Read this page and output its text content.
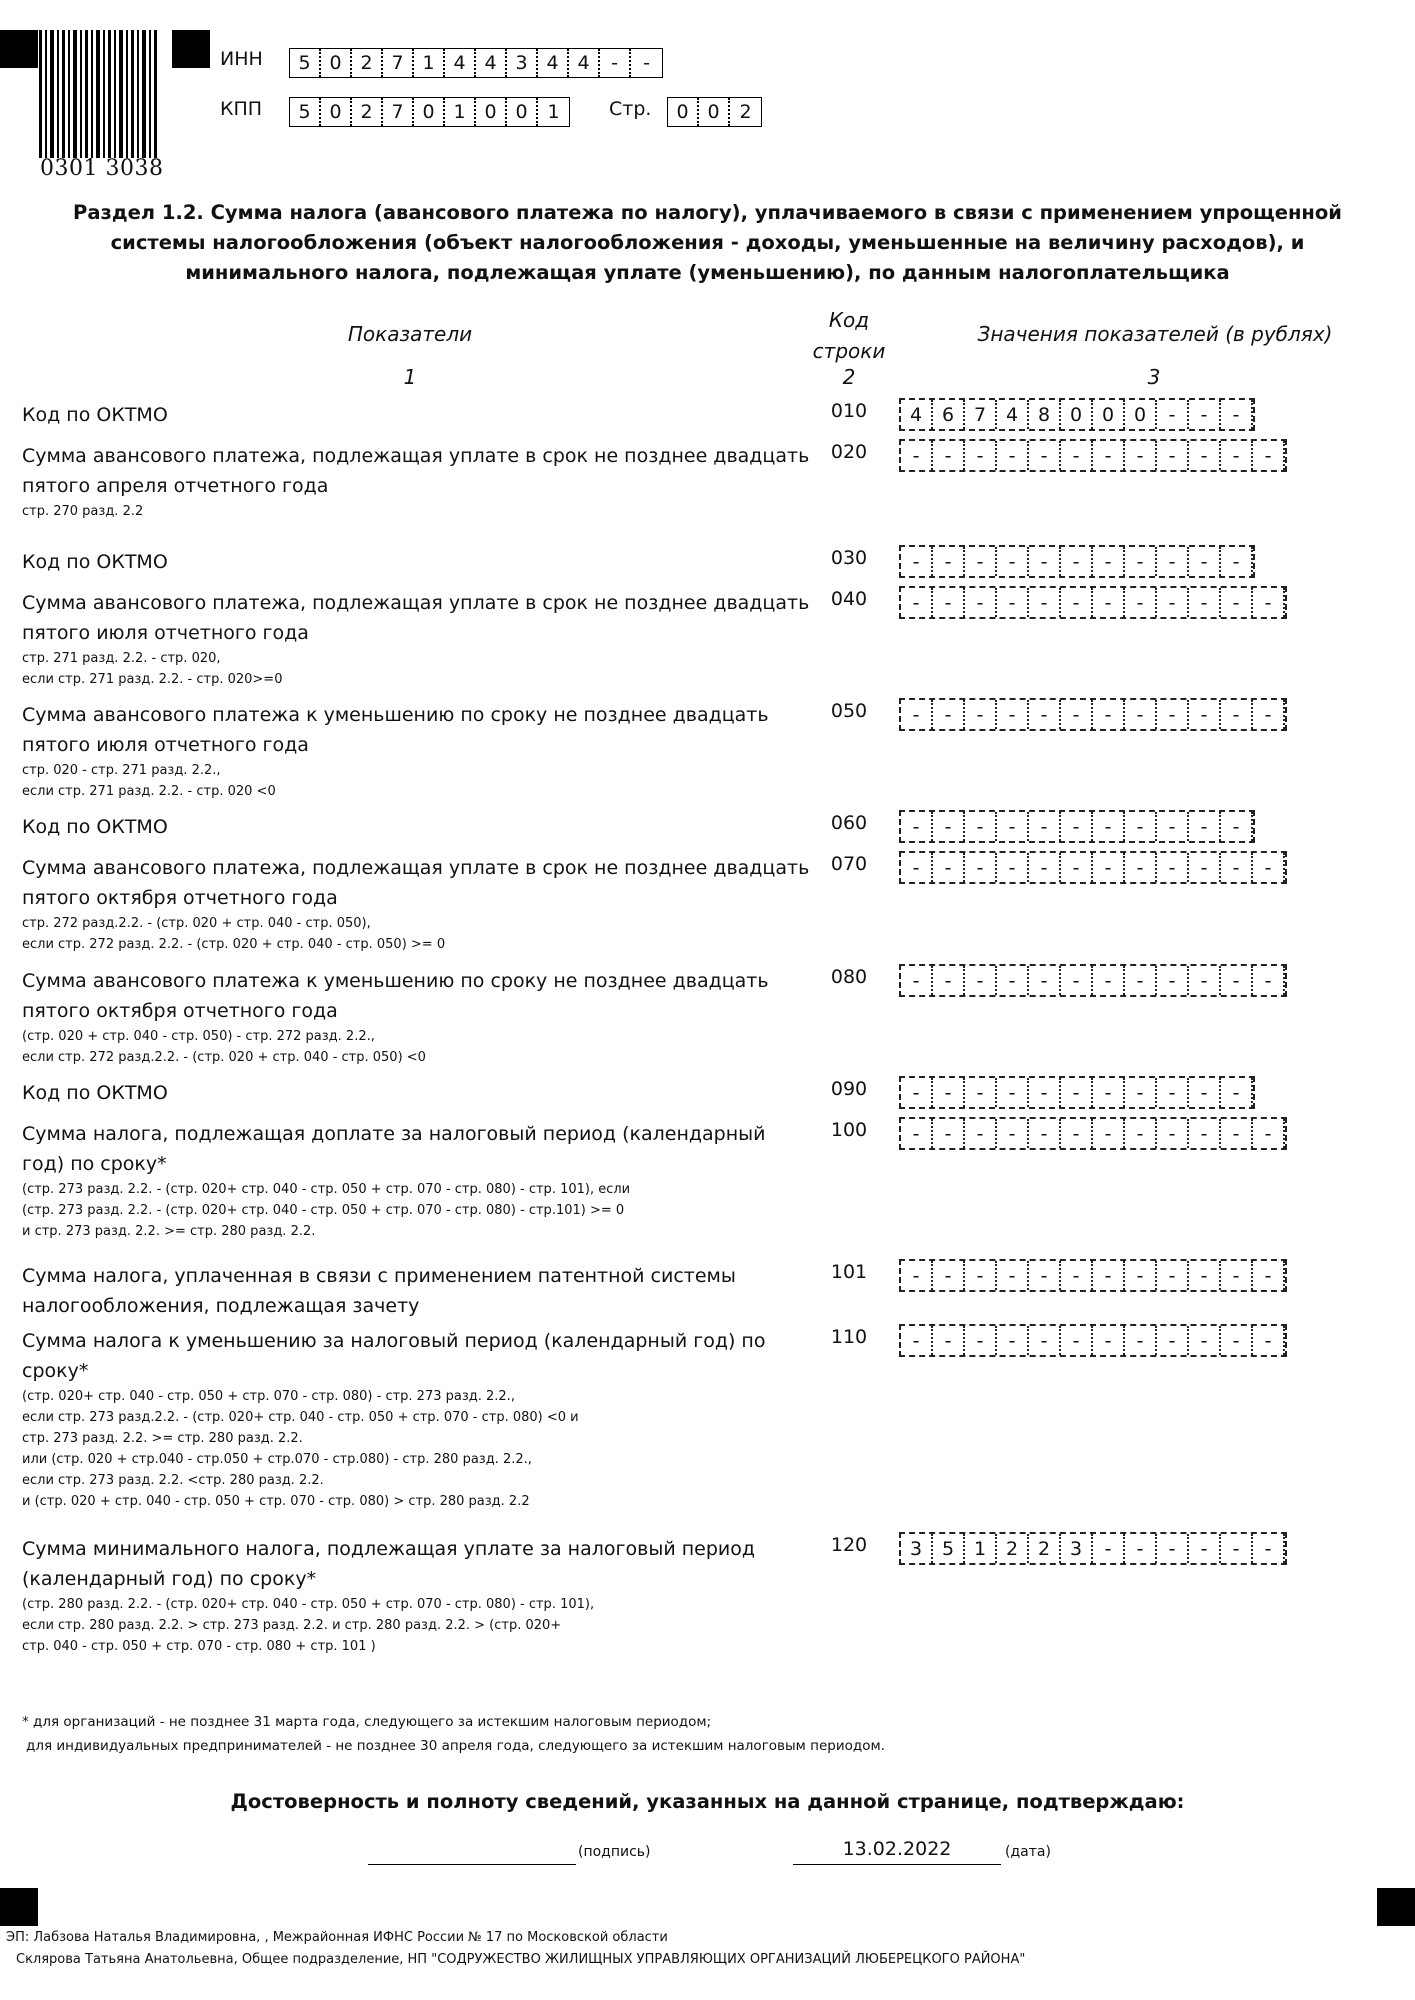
0301 3038
ИНН	5 0 2 7 1 4 4 3 4 4	-	-
КПП	5 0 2 7 0 1 0 0	1	Стр.	0 0	2
Раздел 1.2. Сумма налога (авансового платежа по налогу), уплачиваемого в связи с применением упрощенной
системы налогообложения (объект налогообложения - доходы, уменьшенные на величину расходов), и
минимального налога, подлежащая уплате (уменьшению), по данным налогоплательщика
Показатели
Код
строки
Значения показателей (в рублях)
1	2	3
Код по ОКТМО	010	4	6	7	4	8	0	0	0	-	-	-
Сумма авансового платежа, подлежащая уплате в срок не позднее двадцать пятого апреля отчетного года
стр. 270 разд. 2.2
020	-	-	-	-	-	-	-	-	-	-	-	-
Код по ОКТМО	030	-	-	-	-	-	-	-	-	-	-	-
Сумма авансового платежа, подлежащая уплате в срок не позднее двадцать пятого июля отчетного года
стр. 271 разд. 2.2. - стр. 020,
если стр. 271 разд. 2.2. - стр. 020>=0
040	-	-	-	-	-	-	-	-	-	-	-	-
Сумма авансового платежа к уменьшению по сроку не позднее двадцать пятого июля отчетного года
стр. 020 - стр. 271 разд. 2.2.,
если стр. 271 разд. 2.2. - стр. 020 <0
050	-	-	-	-	-	-	-	-	-	-	-	-
Код по ОКТМО	060	-	-	-	-	-	-	-	-	-	-	-
Сумма авансового платежа, подлежащая уплате в срок не позднее двадцать пятого октября отчетного года
стр. 272 разд.2.2. - (стр. 020 + стр. 040 - стр. 050),
если стр. 272 разд. 2.2. - (стр. 020 + стр. 040 - стр. 050) >= 0
070	-	-	-	-	-	-	-	-	-	-	-	-
Сумма авансового платежа к уменьшению по сроку не позднее двадцать пятого октября отчетного года
(стр. 020 + стр. 040 - стр. 050) - стр. 272 разд. 2.2.,
если стр. 272 разд.2.2. - (стр. 020 + стр. 040 - стр. 050) <0
080	-	-	-	-	-	-	-	-	-	-	-	-
Код по ОКТМО	090	-	-	-	-	-	-	-	-	-	-	-
Сумма налога, подлежащая доплате за налоговый период (календарный год) по сроку*
(стр. 273 разд. 2.2. - (стр. 020+ стр. 040 - стр. 050 + стр. 070 - стр. 080) - стр. 101), если
(стр. 273 разд. 2.2. - (стр. 020+ стр. 040 - стр. 050 + стр. 070 - стр. 080) - стр.101) >= 0
и стр. 273 разд. 2.2. >= стр. 280 разд. 2.2.
100	-	-	-	-	-	-	-	-	-	-	-	-
Сумма налога, уплаченная в связи с применением патентной системы налогообложения, подлежащая зачету
101	-	-	-	-	-	-	-	-	-	-	-	-
Сумма налога к уменьшению за налоговый период (календарный год) по сроку*
(стр. 020+ стр. 040 - стр. 050 + стр. 070 - стр. 080) - стр. 273 разд. 2.2.,
если стр. 273 разд.2.2. - (стр. 020+ стр. 040 - стр. 050 + стр. 070 - стр. 080) <0 и
стр. 273 разд. 2.2. >= стр. 280 разд. 2.2.
или (стр. 020 + стр.040 - стр.050 + стр.070 - стр.080) - стр. 280 разд. 2.2.,
если стр. 273 разд. 2.2. <стр. 280 разд. 2.2.
и (стр. 020 + стр. 040 - стр. 050 + стр. 070 - стр. 080) > стр. 280 разд. 2.2
110	-	-	-	-	-	-	-	-	-	-	-	-
Сумма минимального налога, подлежащая уплате за налоговый период (календарный год) по сроку*
(стр. 280 разд. 2.2. - (стр. 020+ стр. 040 - стр. 050 + стр. 070 - стр. 080) - стр. 101),
если стр. 280 разд. 2.2. > стр. 273 разд. 2.2. и стр. 280 разд. 2.2. > (стр. 020+
стр. 040 - стр. 050 + стр. 070 - стр. 080 + стр. 101 )
120	3	5	1	2	2	3	-	-	-	-	-	-
* для организаций - не позднее 31 марта года, следующего за истекшим налоговым периодом;
для индивидуальных предпринимателей - не позднее 30 апреля года, следующего за истекшим налоговым периодом.
Достоверность и полноту сведений, указанных на данной странице, подтверждаю:
(подпись)	13.02.2022	(дата)
ЭП: Лабзова Наталья Владимировна, , Межрайонная ИФНС России № 17 по Московской области
Склярова Татьяна Анатольевна, Общее подразделение, НП "СОДРУЖЕСТВО ЖИЛИЩНЫХ УПРАВЛЯЮЩИХ ОРГАНИЗАЦИЙ ЛЮБЕРЕЦКОГО РАЙОНА"
